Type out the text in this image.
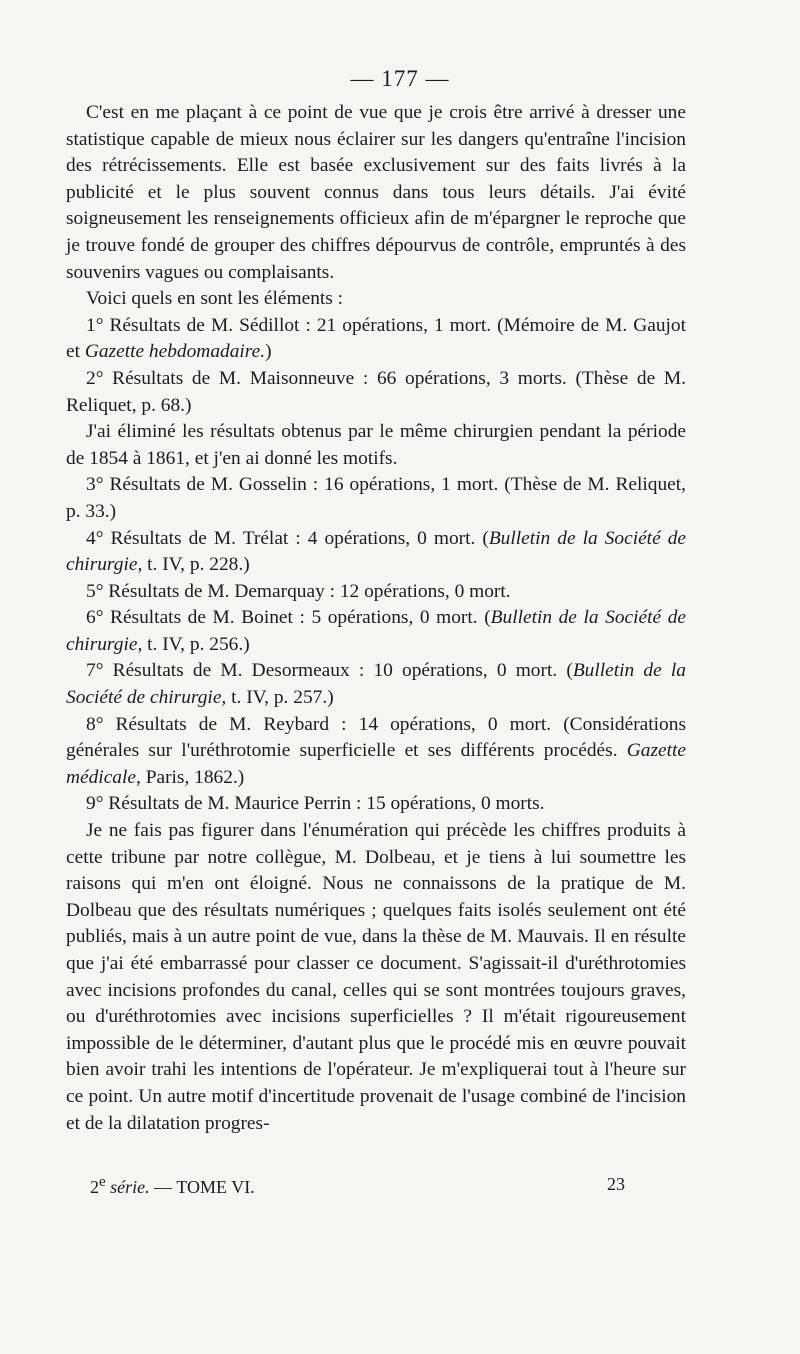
— 177 —

C'est en me plaçant à ce point de vue que je crois être arrivé à dresser une statistique capable de mieux nous éclairer sur les dangers qu'entraîne l'incision des rétrécissements. Elle est basée exclusivement sur des faits livrés à la publicité et le plus souvent connus dans tous leurs détails. J'ai évité soigneusement les renseignements officieux afin de m'épargner le reproche que je trouve fondé de grouper des chiffres dépourvus de contrôle, empruntés à des souvenirs vagues ou complaisants.

Voici quels en sont les éléments :

1° Résultats de M. Sédillot : 21 opérations, 1 mort. (Mémoire de M. Gaujot et Gazette hebdomadaire.)

2° Résultats de M. Maisonneuve : 66 opérations, 3 morts. (Thèse de M. Reliquet, p. 68.)

J'ai éliminé les résultats obtenus par le même chirurgien pendant la période de 1854 à 1861, et j'en ai donné les motifs.

3° Résultats de M. Gosselin : 16 opérations, 1 mort. (Thèse de M. Reliquet, p. 33.)

4° Résultats de M. Trélat : 4 opérations, 0 mort. (Bulletin de la Société de chirurgie, t. IV, p. 228.)

5° Résultats de M. Demarquay : 12 opérations, 0 mort.

6° Résultats de M. Boinet : 5 opérations, 0 mort. (Bulletin de la Société de chirurgie, t. IV, p. 256.)

7° Résultats de M. Desormeaux : 10 opérations, 0 mort. (Bulletin de la Société de chirurgie, t. IV, p. 257.)

8° Résultats de M. Reybard : 14 opérations, 0 mort. (Considérations générales sur l'uréthrotomie superficielle et ses différents procédés. Gazette médicale, Paris, 1862.)

9° Résultats de M. Maurice Perrin : 15 opérations, 0 morts.

Je ne fais pas figurer dans l'énumération qui précède les chiffres produits à cette tribune par notre collègue, M. Dolbeau, et je tiens à lui soumettre les raisons qui m'en ont éloigné. Nous ne connaissons de la pratique de M. Dolbeau que des résultats numériques ; quelques faits isolés seulement ont été publiés, mais à un autre point de vue, dans la thèse de M. Mauvais. Il en résulte que j'ai été embarrassé pour classer ce document. S'agissait-il d'uréthrotomies avec incisions profondes du canal, celles qui se sont montrées toujours graves, ou d'uréthrotomies avec incisions superficielles ? Il m'était rigoureusement impossible de le déterminer, d'autant plus que le procédé mis en œuvre pouvait bien avoir trahi les intentions de l'opérateur. Je m'expliquerai tout à l'heure sur ce point. Un autre motif d'incertitude provenait de l'usage combiné de l'incision et de la dilatation progres-

2e série. — TOME VI.	23
